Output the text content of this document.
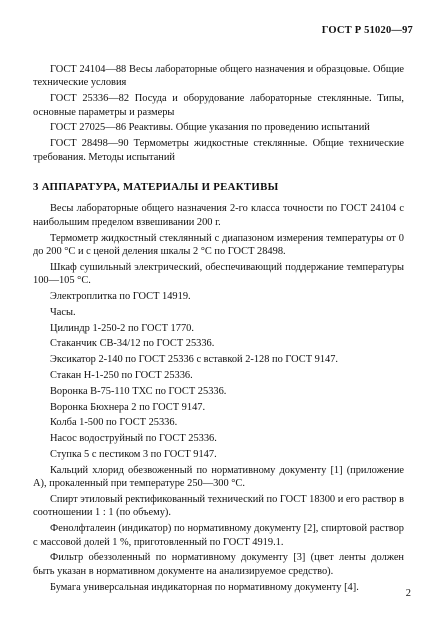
ГОСТ Р 51020—97

ГОСТ 24104—88 Весы лабораторные общего назначения и образцовые. Общие технические условия

ГОСТ 25336—82 Посуда и оборудование лабораторные стеклянные. Типы, основные параметры и размеры

ГОСТ 27025—86 Реактивы. Общие указания по проведению испытаний

ГОСТ 28498—90 Термометры жидкостные стеклянные. Общие технические требования. Методы испытаний

3 АППАРАТУРА, МАТЕРИАЛЫ И РЕАКТИВЫ

Весы лабораторные общего назначения 2-го класса точности по ГОСТ 24104 с наибольшим пределом взвешивании 200 г.

Термометр жидкостный стеклянный с диапазоном измерения температуры от 0 до 200 °С и с ценой деления шкалы 2 °С по ГОСТ 28498.

Шкаф сушильный электрический, обеспечивающий поддержание температуры 100—105 °С.

Электроплитка по ГОСТ 14919.

Часы.

Цилиндр 1-250-2 по ГОСТ 1770.

Стаканчик СВ-34/12 по ГОСТ 25336.

Эксикатор 2-140 по ГОСТ 25336 с вставкой 2-128 по ГОСТ 9147.

Стакан Н-1-250 по ГОСТ 25336.

Воронка В-75-110 ТХС по ГОСТ 25336.

Воронка Бюхнера 2 по ГОСТ 9147.

Колба 1-500 по ГОСТ 25336.

Насос водоструйный по ГОСТ 25336.

Ступка 5 с пестиком 3 по ГОСТ 9147.

Кальций хлорид обезвоженный по нормативному документу [1] (приложение А), прокаленный при температуре 250—300 °С.

Спирт этиловый ректификованный технический по ГОСТ 18300 и его раствор в соотношении 1 : 1 (по объему).

Фенолфталеин (индикатор) по нормативному документу [2], спиртовой раствор с массовой долей 1 %, приготовленный по ГОСТ 4919.1.

Фильтр обеззоленный по нормативному документу [3] (цвет ленты должен быть указан в нормативном документе на анализируемое средство).

Бумага универсальная индикаторная по нормативному документу [4].

2
